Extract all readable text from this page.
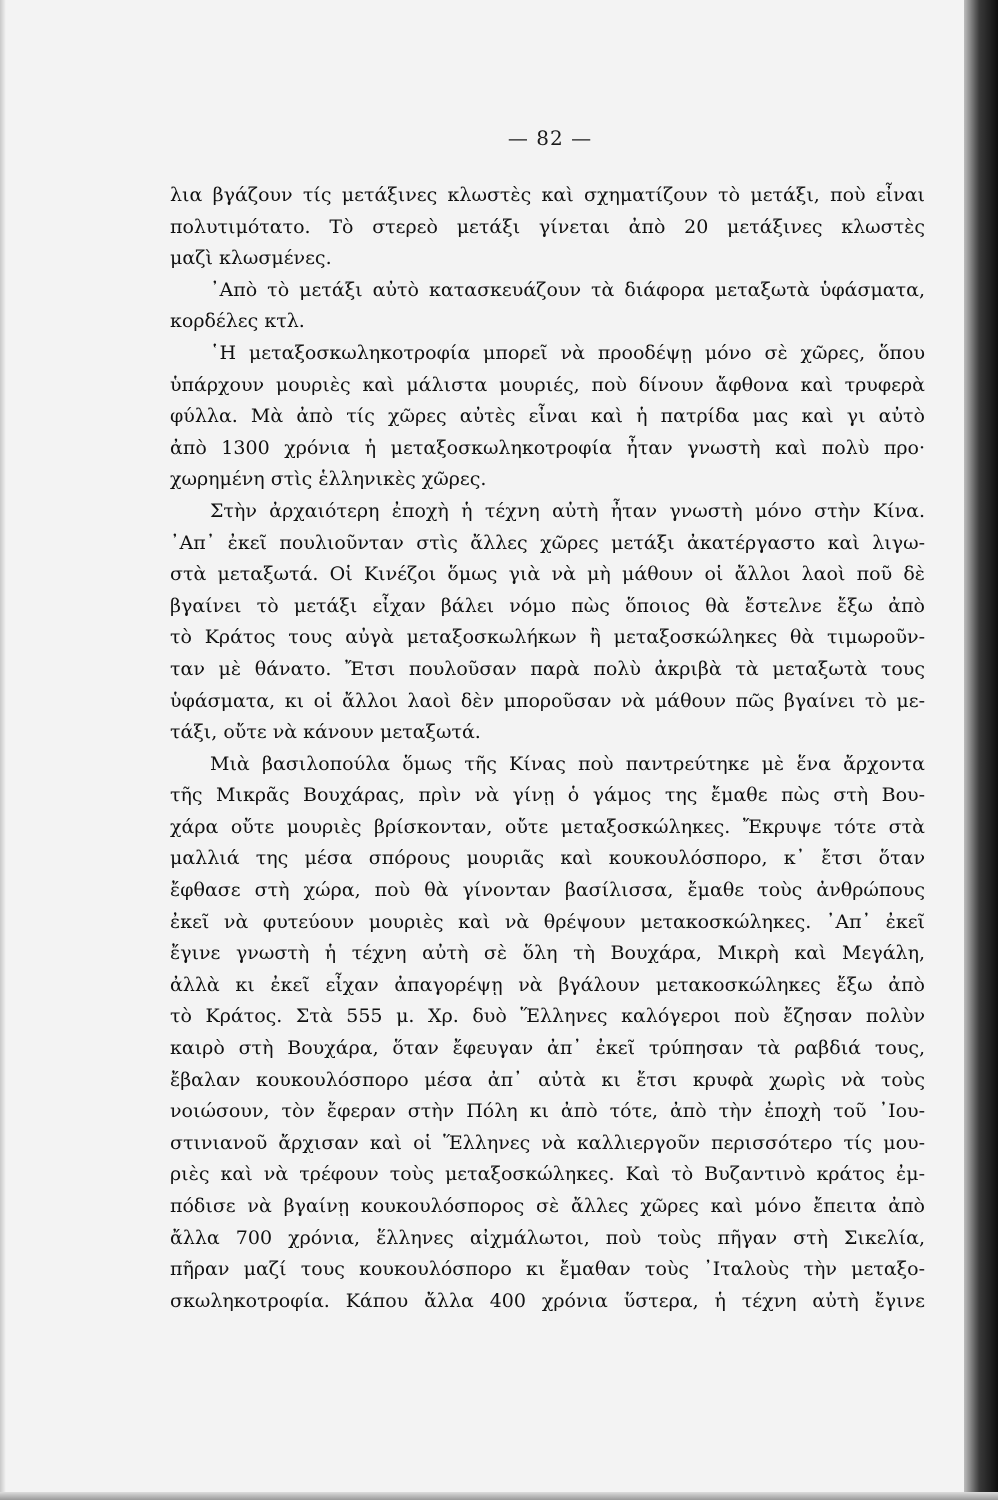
— 82 —
λια βγάζουν τίς μετάξινες κλωστὲς καὶ σχηματίζουν τὸ μετάξι, ποὺ εἶναι
πολυτιμότατο. Τὸ στερεὸ μετάξι γίνεται ἀπὸ 20 μετάξινες κλωστὲς
μαζὶ κλωσμένες.
᾿Απὸ τὸ μετάξι αὐτὸ κατασκευάζουν τὰ διάφορα μεταξωτὰ ὑφάσματα,
κορδέλες κτλ.
῾Η μεταξοσκωληκοτροφία μπορεῖ νὰ προοδέψῃ μόνο σὲ χῶρες, ὅπου
ὑπάρχουν μουριὲς καὶ μάλιστα μουριές, ποὺ δίνουν ἄφθονα καὶ τρυφερὰ
φύλλα. Μὰ ἀπὸ τίς χῶρες αὐτὲς εἶναι καὶ ἡ πατρίδα μας καὶ γι αὐτὸ
ἀπὸ 1300 χρόνια ἡ μεταξοσκωληκοτροφία ἦταν γνωστὴ καὶ πολὺ προ·
χωρημένη στὶς ἑλληνικὲς χῶρες.
Στὴν ἀρχαιότερη ἐποχὴ ἡ τέχνη αὐτὴ ἦταν γνωστὴ μόνο στὴν Κίνα.
᾿Απ᾿ ἐκεῖ πουλιοῦνταν στὶς ἄλλες χῶρες μετάξι ἀκατέργαστο καὶ λιγω-
στὰ μεταξωτά. Οἱ Κινέζοι ὅμως γιὰ νὰ μὴ μάθουν οἱ ἄλλοι λαοὶ ποῦ δὲ
βγαίνει τὸ μετάξι εἶχαν βάλει νόμο πὼς ὅποιος θὰ ἔστελνε ἔξω ἀπὸ
τὸ Κράτος τους αὐγὰ μεταξοσκωλήκων ἢ μεταξοσκώληκες θὰ τιμωροῦν-
ταν μὲ θάνατο. Ἔτσι πουλοῦσαν παρὰ πολὺ ἀκριβὰ τὰ μεταξωτὰ τους
ὑφάσματα, κι οἱ ἄλλοι λαοὶ δὲν μποροῦσαν νὰ μάθουν πῶς βγαίνει τὸ με-
τάξι, οὔτε νὰ κάνουν μεταξωτά.
Μιὰ βασιλοπούλα ὅμως τῆς Κίνας ποὺ παντρεύτηκε μὲ ἕνα ἄρχοντα
τῆς Μικρᾶς Βουχάρας, πρὶν νὰ γίνῃ ὁ γάμος της ἔμαθε πὼς στὴ Βου-
χάρα οὔτε μουριὲς βρίσκονταν, οὔτε μεταξοσκώληκες. Ἔκρυψε τότε στὰ
μαλλιά της μέσα σπόρους μουριᾶς καὶ κουκουλόσπορο, κ᾿ ἔτσι ὅταν
ἔφθασε στὴ χώρα, ποὺ θὰ γίνονταν βασίλισσα, ἔμαθε τοὺς ἀνθρώπους
ἐκεῖ νὰ φυτεύουν μουριὲς καὶ νὰ θρέψουν μετακοσκώληκες. ᾿Απ᾿ ἐκεῖ
ἔγινε γνωστὴ ἡ τέχνη αὐτὴ σὲ ὅλη τὴ Βουχάρα, Μικρὴ καὶ Μεγάλη,
ἀλλὰ κι ἐκεῖ εἶχαν ἀπαγορέψῃ νὰ βγάλουν μετακοσκώληκες ἔξω ἀπὸ
τὸ Κράτος. Στὰ 555 μ. Χρ. δυὸ Ἕλληνες καλόγεροι ποὺ ἔζησαν πολὺν
καιρὸ στὴ Βουχάρα, ὅταν ἔφευγαν ἀπ᾿ ἐκεῖ τρύπησαν τὰ ραβδιά τους,
ἔβαλαν κουκουλόσπορο μέσα ἀπ᾿ αὐτὰ κι ἔτσι κρυφὰ χωρὶς νὰ τοὺς
νοιώσουν, τὸν ἔφεραν στὴν Πόλη κι ἀπὸ τότε, ἀπὸ τὴν ἐποχὴ τοῦ ᾿Ιου-
στινιανοῦ ἄρχισαν καὶ οἱ Ἕλληνες νὰ καλλιεργοῦν περισσότερο τίς μου-
ριὲς καὶ νὰ τρέφουν τοὺς μεταξοσκώληκες. Καὶ τὸ Βυζαντινὸ κράτος ἐμ-
πόδισε νὰ βγαίνῃ κουκουλόσπορος σὲ ἄλλες χῶρες καὶ μόνο ἔπειτα ἀπὸ
ἄλλα 700 χρόνια, ἕλληνες αἰχμάλωτοι, ποὺ τοὺς πῆγαν στὴ Σικελία,
πῆραν μαζί τους κουκουλόσπορο κι ἔμαθαν τοὺς ᾿Ιταλοὺς τὴν μεταξο-
σκωληκοτροφία. Κάπου ἄλλα 400 χρόνια ὕστερα, ἡ τέχνη αὐτὴ ἔγινε
